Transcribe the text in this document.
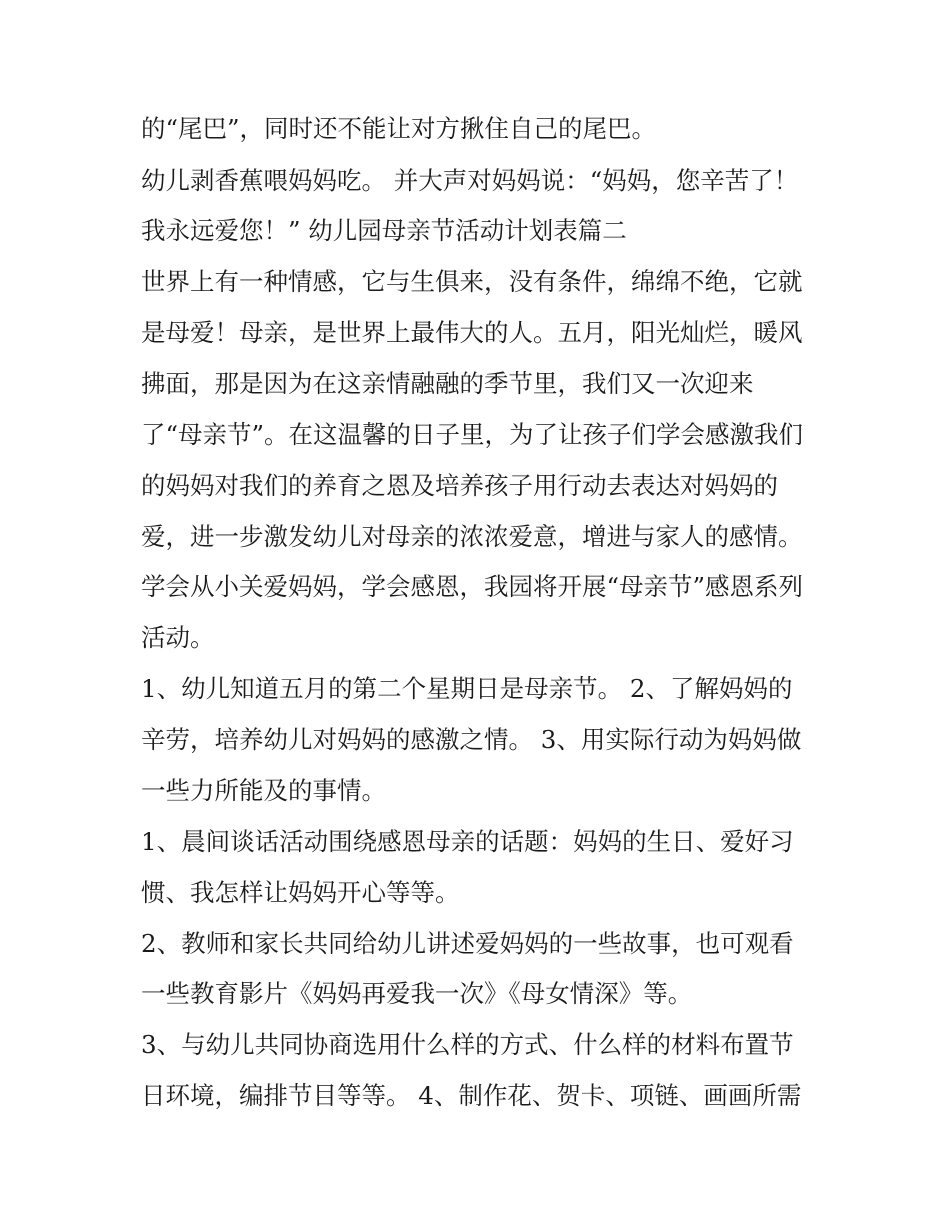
的“尾巴”，同时还不能让对方揪住自己的尾巴。

幼儿剥香蕉喂妈妈吃。 并大声对妈妈说：“妈妈，您辛苦了！

我永远爱您！” 幼儿园母亲节活动计划表篇二

世界上有一种情感，它与生俱来，没有条件，绵绵不绝，它就

是母爱！母亲，是世界上最伟大的人。五月，阳光灿烂，暖风

拂面，那是因为在这亲情融融的季节里，我们又一次迎来

了“母亲节”。在这温馨的日子里，为了让孩子们学会感激我们

的妈妈对我们的养育之恩及培养孩子用行动去表达对妈妈的

爱，进一步激发幼儿对母亲的浓浓爱意，增进与家人的感情。

学会从小关爱妈妈，学会感恩，我园将开展“母亲节”感恩系列

活动。

1、幼儿知道五月的第二个星期日是母亲节。 2、了解妈妈的

辛劳，培养幼儿对妈妈的感激之情。 3、用实际行动为妈妈做

一些力所能及的事情。

1、晨间谈话活动围绕感恩母亲的话题：妈妈的生日、爱好习

惯、我怎样让妈妈开心等等。

2、教师和家长共同给幼儿讲述爱妈妈的一些故事，也可观看

一些教育影片《妈妈再爱我一次》《母女情深》等。

3、与幼儿共同协商选用什么样的方式、什么样的材料布置节

日环境，编排节目等等。 4、制作花、贺卡、项链、画画所需
